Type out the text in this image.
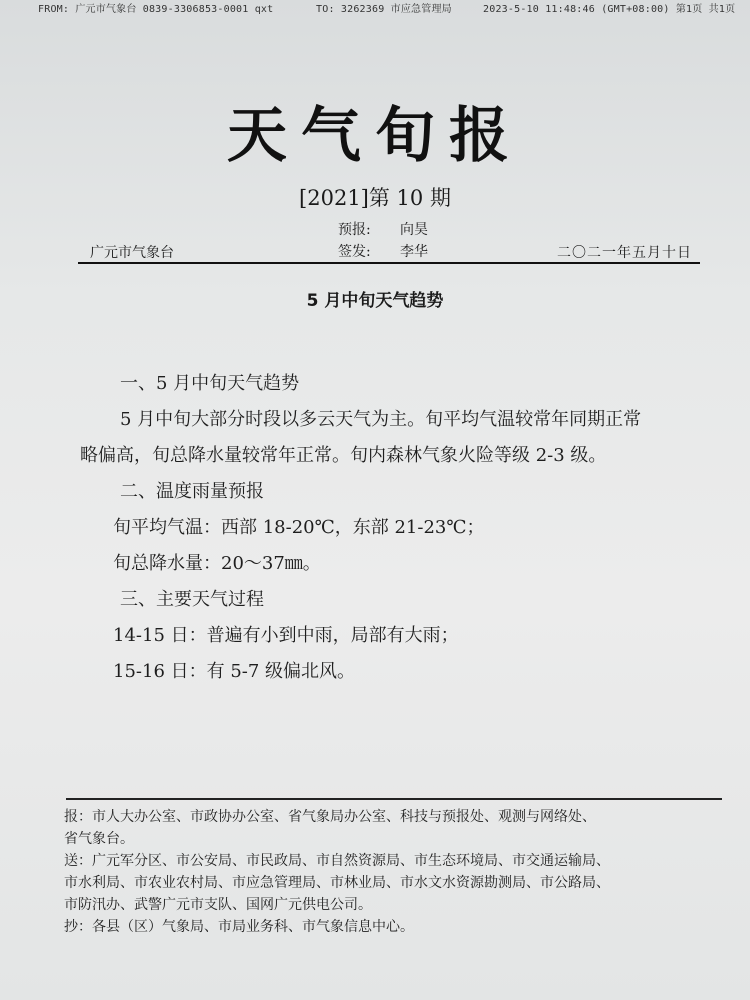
FROM: 广元市气象台 0839-3306853-0001 qxt	TO: 3262369 市应急管理局	2023-5-10 11:48:46 (GMT+08:00) 第1页 共1页
天气旬报
[2021]第 10 期
预报: 向昊
签发: 李华
广元市气象台	二〇二一年五月十日
5 月中旬天气趋势

一、5 月中旬天气趋势

5 月中旬大部分时段以多云天气为主。旬平均气温较常年同期正常

略偏高，旬总降水量较常年正常。旬内森林气象火险等级 2-3 级。

二、温度雨量预报

旬平均气温：西部 18-20℃，东部 21-23℃；

旬总降水量：20～37㎜。

三、主要天气过程

14-15 日：普遍有小到中雨，局部有大雨；

15-16 日：有 5-7 级偏北风。

报：市人大办公室、市政协办公室、省气象局办公室、科技与预报处、观测与网络处、

省气象台。

送：广元军分区、市公安局、市民政局、市自然资源局、市生态环境局、市交通运输局、

市水利局、市农业农村局、市应急管理局、市林业局、市水文水资源勘测局、市公路局、

市防汛办、武警广元市支队、国网广元供电公司。

抄：各县（区）气象局、市局业务科、市气象信息中心。
